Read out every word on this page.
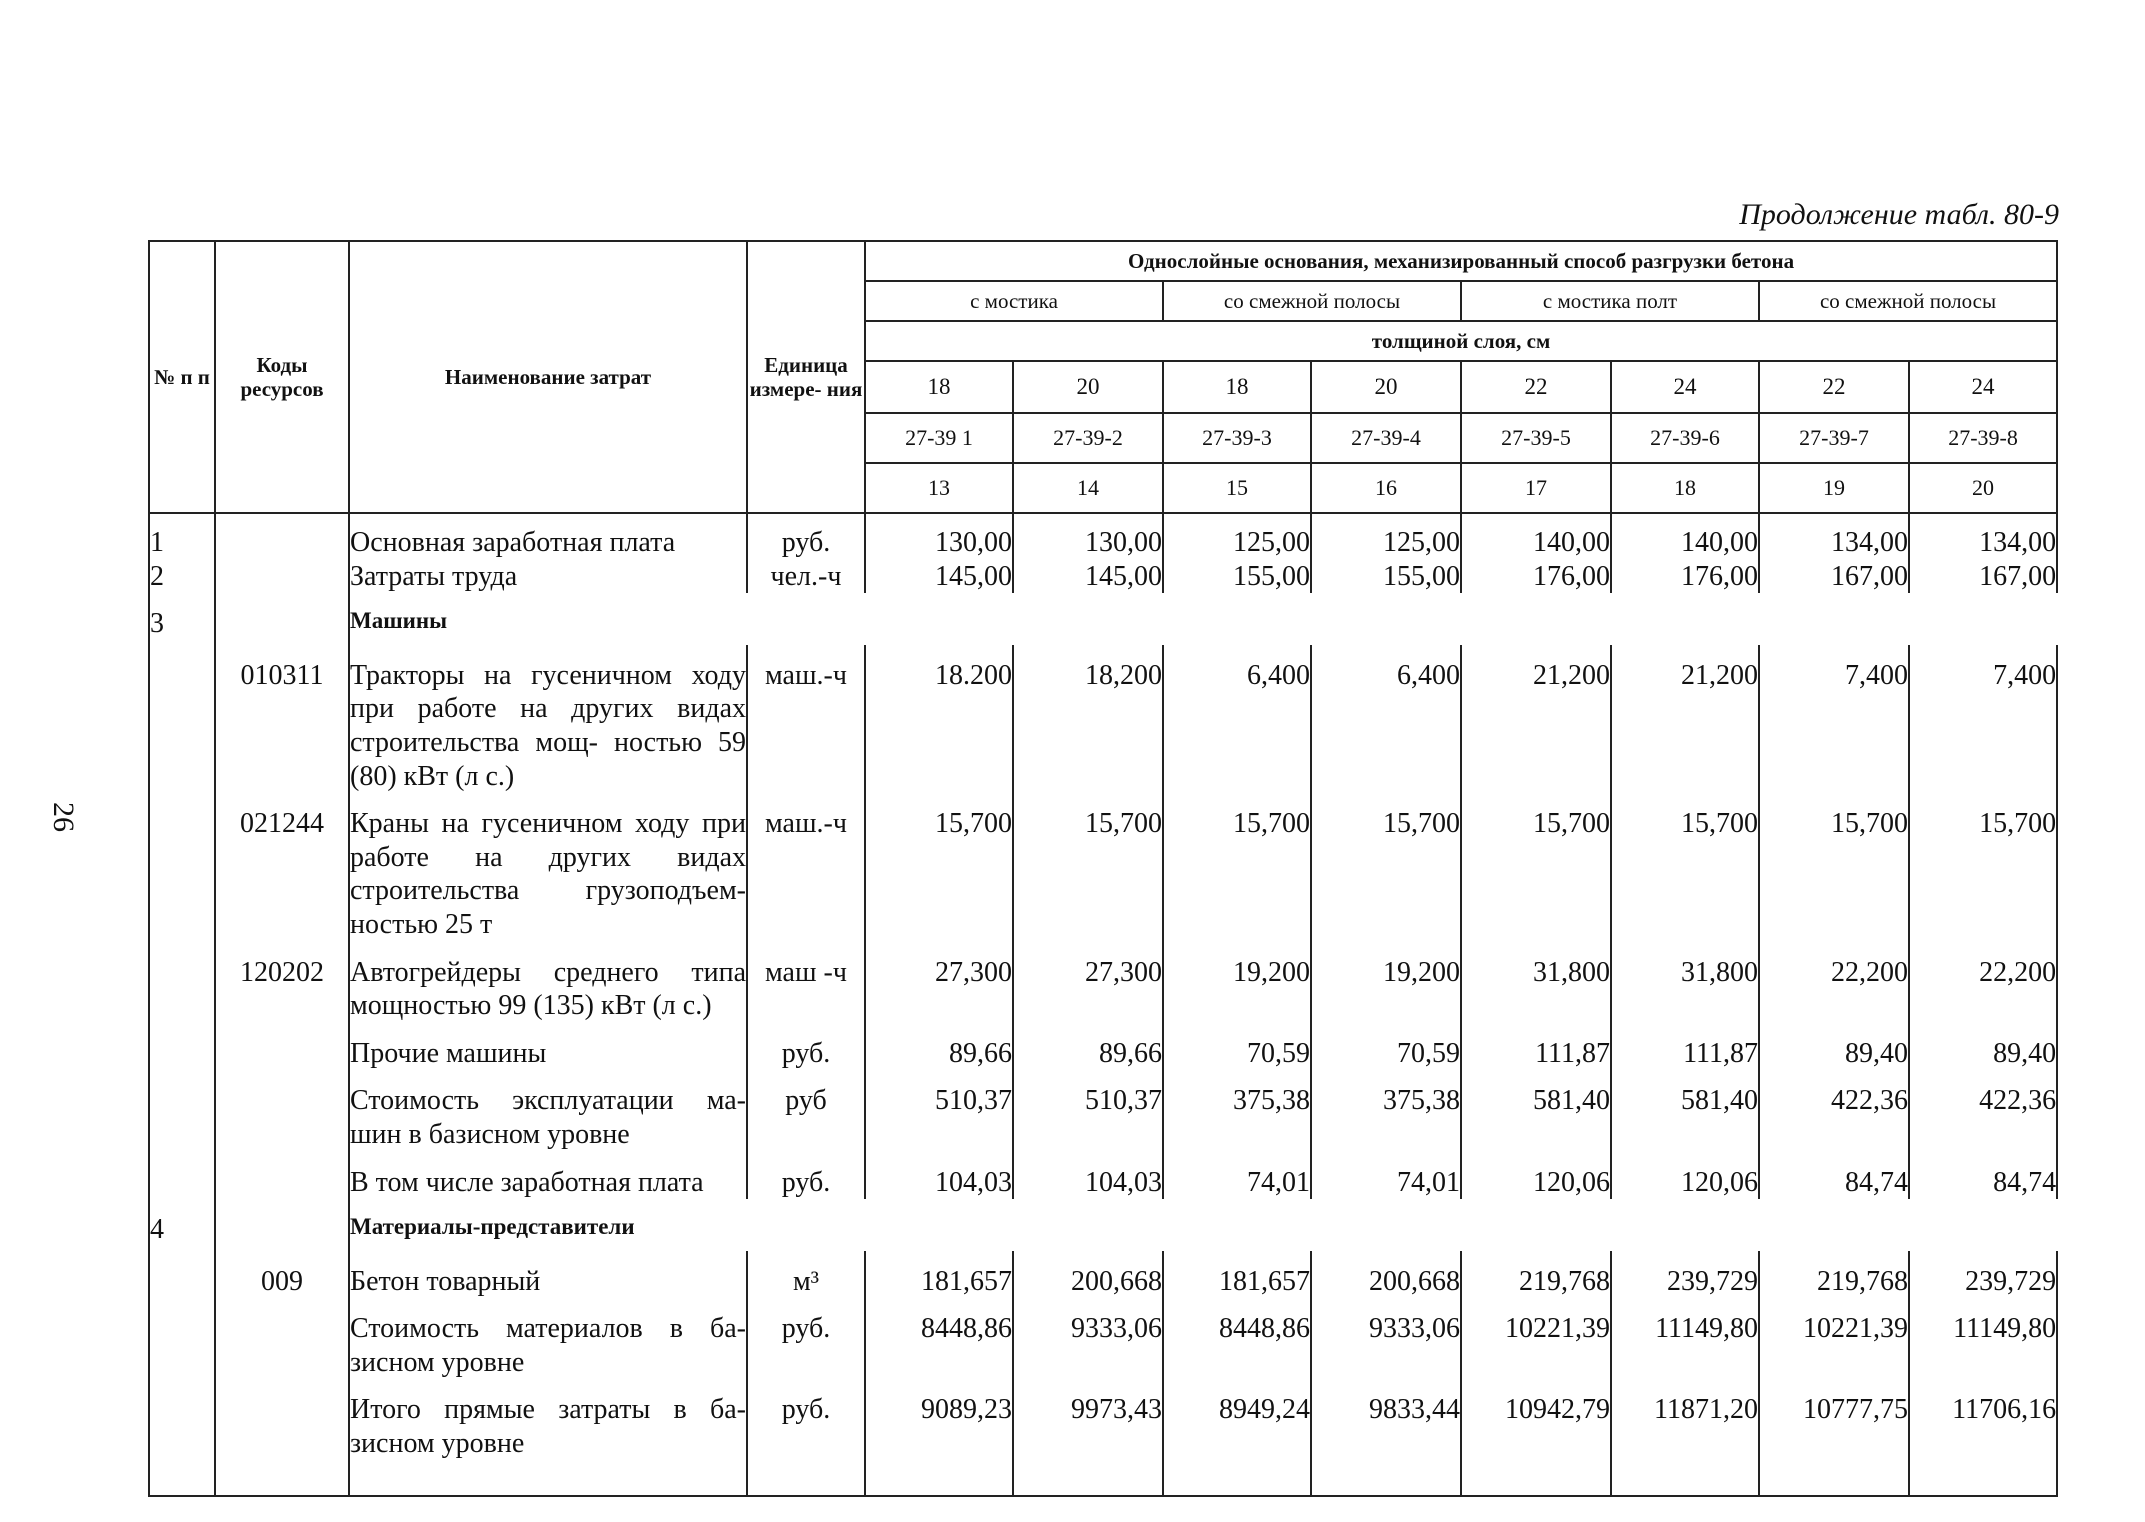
26
Продолжение табл. 80-9
№ п п	Коды ресурсов	Наименование затрат	Единица измере- ния	Однослойные основания, механизированный способ разгрузки бетона							
				с мостика		со смежной полосы		с мостика полт		со смежной полосы	
				толщиной слоя, см							
				18	20	18	20	22	24	22	24
				27-39 1	27-39-2	27-39-3	27-39-4	27-39-5	27-39-6	27-39-7	27-39-8
				13	14	15	16	17	18	19	20
1		Основная заработная плата	руб.	130,00	130,00	125,00	125,00	140,00	140,00	134,00	134,00
2		Затраты труда	чел.-ч	145,00	145,00	155,00	155,00	176,00	176,00	167,00	167,00
3		Машины									
	010311	Тракторы на гусеничном ходу при работе на других видах строительства мощ- ностью 59 (80) кВт (л с.)	маш.-ч	18.200	18,200	6,400	6,400	21,200	21,200	7,400	7,400
	021244	Краны на гусеничном ходу при работе на других видах строительства грузоподъем- ностью 25 т	маш.-ч	15,700	15,700	15,700	15,700	15,700	15,700	15,700	15,700
	120202	Автогрейдеры среднего типа мощностью 99 (135) кВт (л с.)	маш -ч	27,300	27,300	19,200	19,200	31,800	31,800	22,200	22,200
		Прочие машины	руб.	89,66	89,66	70,59	70,59	111,87	111,87	89,40	89,40
		Стоимость эксплуатации ма- шин в базисном уровне	руб	510,37	510,37	375,38	375,38	581,40	581,40	422,36	422,36
		В том числе заработная плата	руб.	104,03	104,03	74,01	74,01	120,06	120,06	84,74	84,74
4		Материалы-представители									
	009	Бетон товарный	м³	181,657	200,668	181,657	200,668	219,768	239,729	219,768	239,729
		Стоимость материалов в ба- зисном уровне	руб.	8448,86	9333,06	8448,86	9333,06	10221,39	11149,80	10221,39	11149,80
		Итого прямые затраты в ба- зисном уровне	руб.	9089,23	9973,43	8949,24	9833,44	10942,79	11871,20	10777,75	11706,16
